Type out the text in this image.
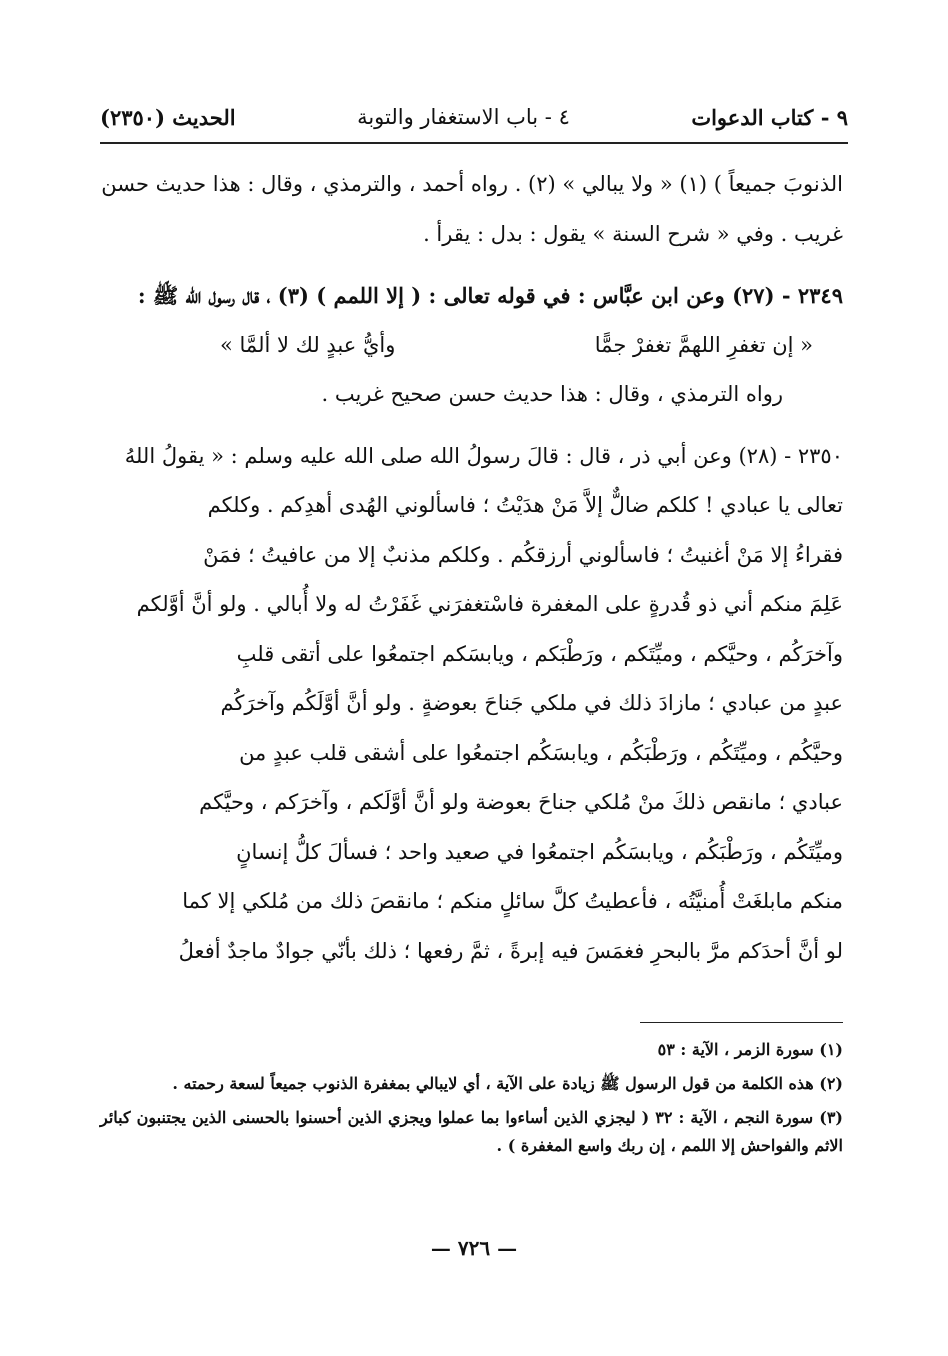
٩ - كتاب الدعوات
٤ - باب الاستغفار والتوبة
الحديث (٢٣٥٠)

الذنوبَ جميعاً ) (١) « ولا يبالي » (٢) . رواه أحمد ، والترمذي ، وقال : هذا حديث حسن

غريب . وفي « شرح السنة » يقول : بدل : يقرأ .

٢٣٤٩ - (٢٧) وعن ابن عبَّاس : في قوله تعالى : ( إلا اللمم ) (٣) ، قال رسول الله ﷺ :

« إن تغفرِ اللهمَّ تغفرْ جمًّا
وأيُّ عبدٍ لك لا ألمَّا »

رواه الترمذي ، وقال : هذا حديث حسن صحيح غريب .

٢٣٥٠ - (٢٨) وعن أبي ذر ، قال : قالَ رسولُ الله صلى الله عليه وسلم : « يقولُ اللهُ

تعالى يا عبادي ! كلكم ضالٌّ إلاَّ مَنْ هدَيْتُ ؛ فاسألوني الهُدى أهدِكم . وكلكم

فقراءُ إلا مَنْ أغنيتُ ؛ فاسألوني أرزقكُم . وكلكم مذنبٌ إلا من عافيتُ ؛ فمَنْ

عَلِمَ منكم أني ذو قُدرةٍ على المغفرة فاسْتغفرَني غَفَرْتُ له ولا أُبالي . ولو أنَّ أوَّلكم

وآخرَكُم ، وحيَّكم ، وميِّتَكم ، ورَطْبَكم ، ويابسَكم اجتمعُوا على أتقى قلبِ

عبدٍ من عبادي ؛ مازادَ ذلك في ملكي جَناحَ بعوضةٍ . ولو أنَّ أوَّلَكُم وآخرَكُم

وحيَّكُم ، وميِّتَكُم ، ورَطْبَكُم ، ويابسَكُم اجتمعُوا على أشقى قلب عبدٍ من

عبادي ؛ مانقص ذلكَ منْ مُلكي جناحَ بعوضة ولو أنَّ أوَّلَكم ، وآخرَكم ، وحيَّكم

وميِّتَكُم ، ورَطْبَكُم ، ويابسَكُم اجتمعُوا في صعيد واحد ؛ فسألَ كلُّ إنسانٍ

منكم مابلغَتْ أُمنيَّتُه ، فأعطيتُ كلَّ سائلٍ منكم ؛ مانقصَ ذلك من مُلكي إلا كما

لو أنَّ أحدَكم مرَّ بالبحرِ فغمَسَ فيه إبرةً ، ثمَّ رفعها ؛ ذلك بأنّي جوادٌ ماجدٌ أفعلُ

(١) سورة الزمر ، الآية : ٥٣

(٢) هذه الكلمة من قول الرسول ﷺ زيادة على الآية ، أي لايبالي بمغفرة الذنوب جميعاً لسعة رحمته .

(٣) سورة النجم ، الآية : ٣٢ ( ليجزي الذين أساءوا بما عملوا ويجزي الذين أحسنوا بالحسنى الذين يجتنبون كبائر الاثم والفواحش إلا اللمم ، إن ربك واسع المغفرة ) .

— ٧٢٦ —
